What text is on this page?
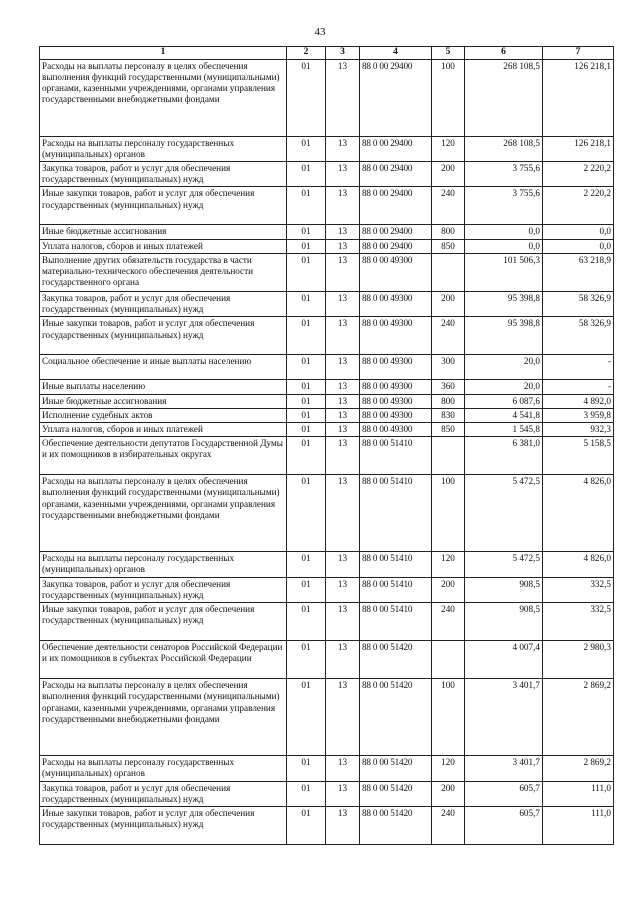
43
1	2	3	4	5	6	7
Расходы на выплаты персоналу в целях обеспечения выполнения функций государственными (муниципальными) органами, казенными учреждениями, органами управления государственными внебюджетными фондами	01	13	88 0 00 29400	100	268 108,5	126 218,1
Расходы на выплаты персоналу государственных (муниципальных) органов	01	13	88 0 00 29400	120	268 108,5	126 218,1
Закупка товаров, работ и услуг для обеспечения государственных (муниципальных) нужд	01	13	88 0 00 29400	200	3 755,6	2 220,2
Иные закупки товаров, работ и услуг для обеспечения государственных (муниципальных) нужд	01	13	88 0 00 29400	240	3 755,6	2 220,2
Иные бюджетные ассигнования	01	13	88 0 00 29400	800	0,0	0,0
Уплата налогов, сборов и иных платежей	01	13	88 0 00 29400	850	0,0	0,0
Выполнение других обязательств государства в части материально-технического обеспечения деятельности государственного органа	01	13	88 0 00 49300		101 506,3	63 218,9
Закупка товаров, работ и услуг для обеспечения государственных (муниципальных) нужд	01	13	88 0 00 49300	200	95 398,8	58 326,9
Иные закупки товаров, работ и услуг для обеспечения государственных (муниципальных) нужд	01	13	88 0 00 49300	240	95 398,8	58 326,9
Социальное обеспечение и иные выплаты населению	01	13	88 0 00 49300	300	20,0	-
Иные выплаты населению	01	13	88 0 00 49300	360	20,0	-
Иные бюджетные ассигнования	01	13	88 0 00 49300	800	6 087,6	4 892,0
Исполнение судебных актов	01	13	88 0 00 49300	830	4 541,8	3 959,8
Уплата налогов, сборов и иных платежей	01	13	88 0 00 49300	850	1 545,8	932,3
Обеспечение деятельности депутатов Государственной Думы и их помощников в избирательных округах	01	13	88 0 00 51410		6 381,0	5 158,5
Расходы на выплаты персоналу в целях обеспечения выполнения функций государственными (муниципальными) органами, казенными учреждениями, органами управления государственными внебюджетными фондами	01	13	88 0 00 51410	100	5 472,5	4 826,0
Расходы на выплаты персоналу государственных (муниципальных) органов	01	13	88 0 00 51410	120	5 472,5	4 826,0
Закупка товаров, работ и услуг для обеспечения государственных (муниципальных) нужд	01	13	88 0 00 51410	200	908,5	332,5
Иные закупки товаров, работ и услуг для обеспечения государственных (муниципальных) нужд	01	13	88 0 00 51410	240	908,5	332,5
Обеспечение деятельности сенаторов Российской Федерации и их помощников в субъектах Российской Федерации	01	13	88 0 00 51420		4 007,4	2 980,3
Расходы на выплаты персоналу в целях обеспечения выполнения функций государственными (муниципальными) органами, казенными учреждениями, органами управления государственными внебюджетными фондами	01	13	88 0 00 51420	100	3 401,7	2 869,2
Расходы на выплаты персоналу государственных (муниципальных) органов	01	13	88 0 00 51420	120	3 401,7	2 869,2
Закупка товаров, работ и услуг для обеспечения государственных (муниципальных) нужд	01	13	88 0 00 51420	200	605,7	111,0
Иные закупки товаров, работ и услуг для обеспечения государственных (муниципальных) нужд	01	13	88 0 00 51420	240	605,7	111,0
